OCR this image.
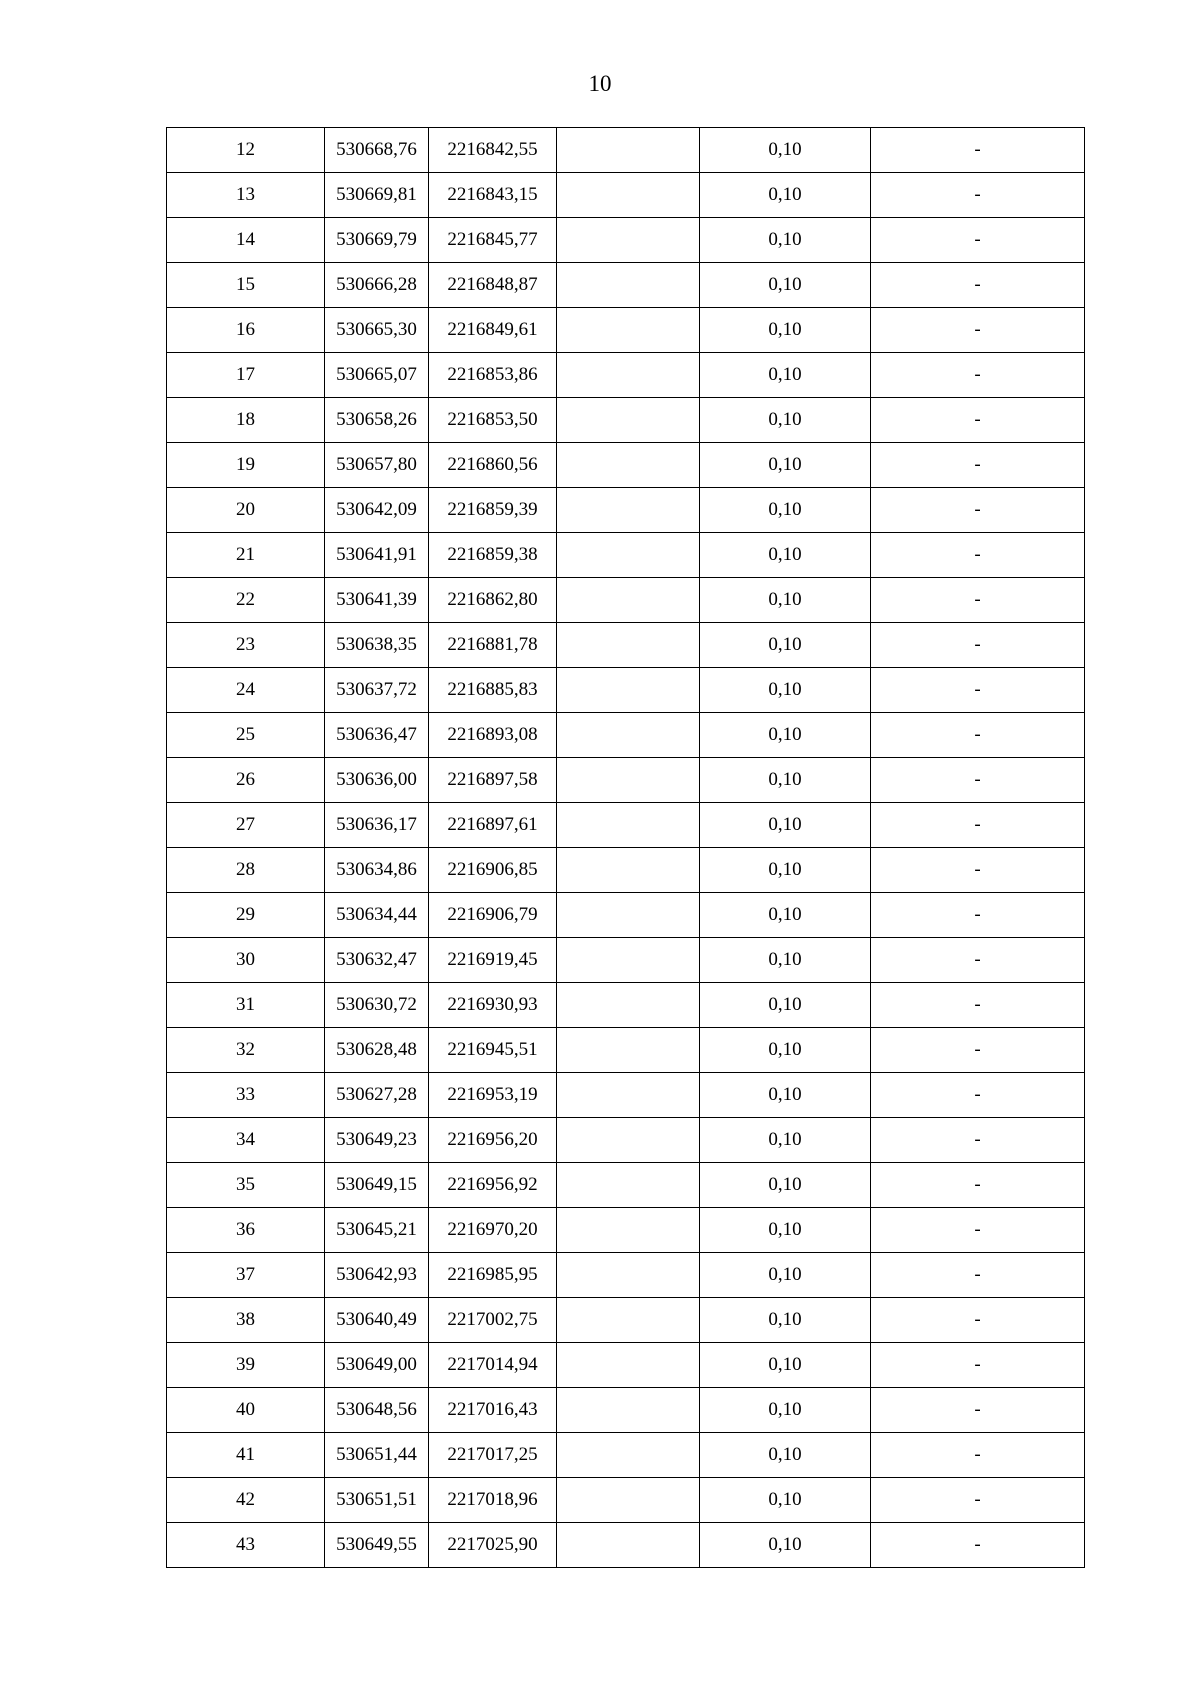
10
12	530668,76	2216842,55		0,10	-
13	530669,81	2216843,15		0,10	-
14	530669,79	2216845,77		0,10	-
15	530666,28	2216848,87		0,10	-
16	530665,30	2216849,61		0,10	-
17	530665,07	2216853,86		0,10	-
18	530658,26	2216853,50		0,10	-
19	530657,80	2216860,56		0,10	-
20	530642,09	2216859,39		0,10	-
21	530641,91	2216859,38		0,10	-
22	530641,39	2216862,80		0,10	-
23	530638,35	2216881,78		0,10	-
24	530637,72	2216885,83		0,10	-
25	530636,47	2216893,08		0,10	-
26	530636,00	2216897,58		0,10	-
27	530636,17	2216897,61		0,10	-
28	530634,86	2216906,85		0,10	-
29	530634,44	2216906,79		0,10	-
30	530632,47	2216919,45		0,10	-
31	530630,72	2216930,93		0,10	-
32	530628,48	2216945,51		0,10	-
33	530627,28	2216953,19		0,10	-
34	530649,23	2216956,20		0,10	-
35	530649,15	2216956,92		0,10	-
36	530645,21	2216970,20		0,10	-
37	530642,93	2216985,95		0,10	-
38	530640,49	2217002,75		0,10	-
39	530649,00	2217014,94		0,10	-
40	530648,56	2217016,43		0,10	-
41	530651,44	2217017,25		0,10	-
42	530651,51	2217018,96		0,10	-
43	530649,55	2217025,90		0,10	-
